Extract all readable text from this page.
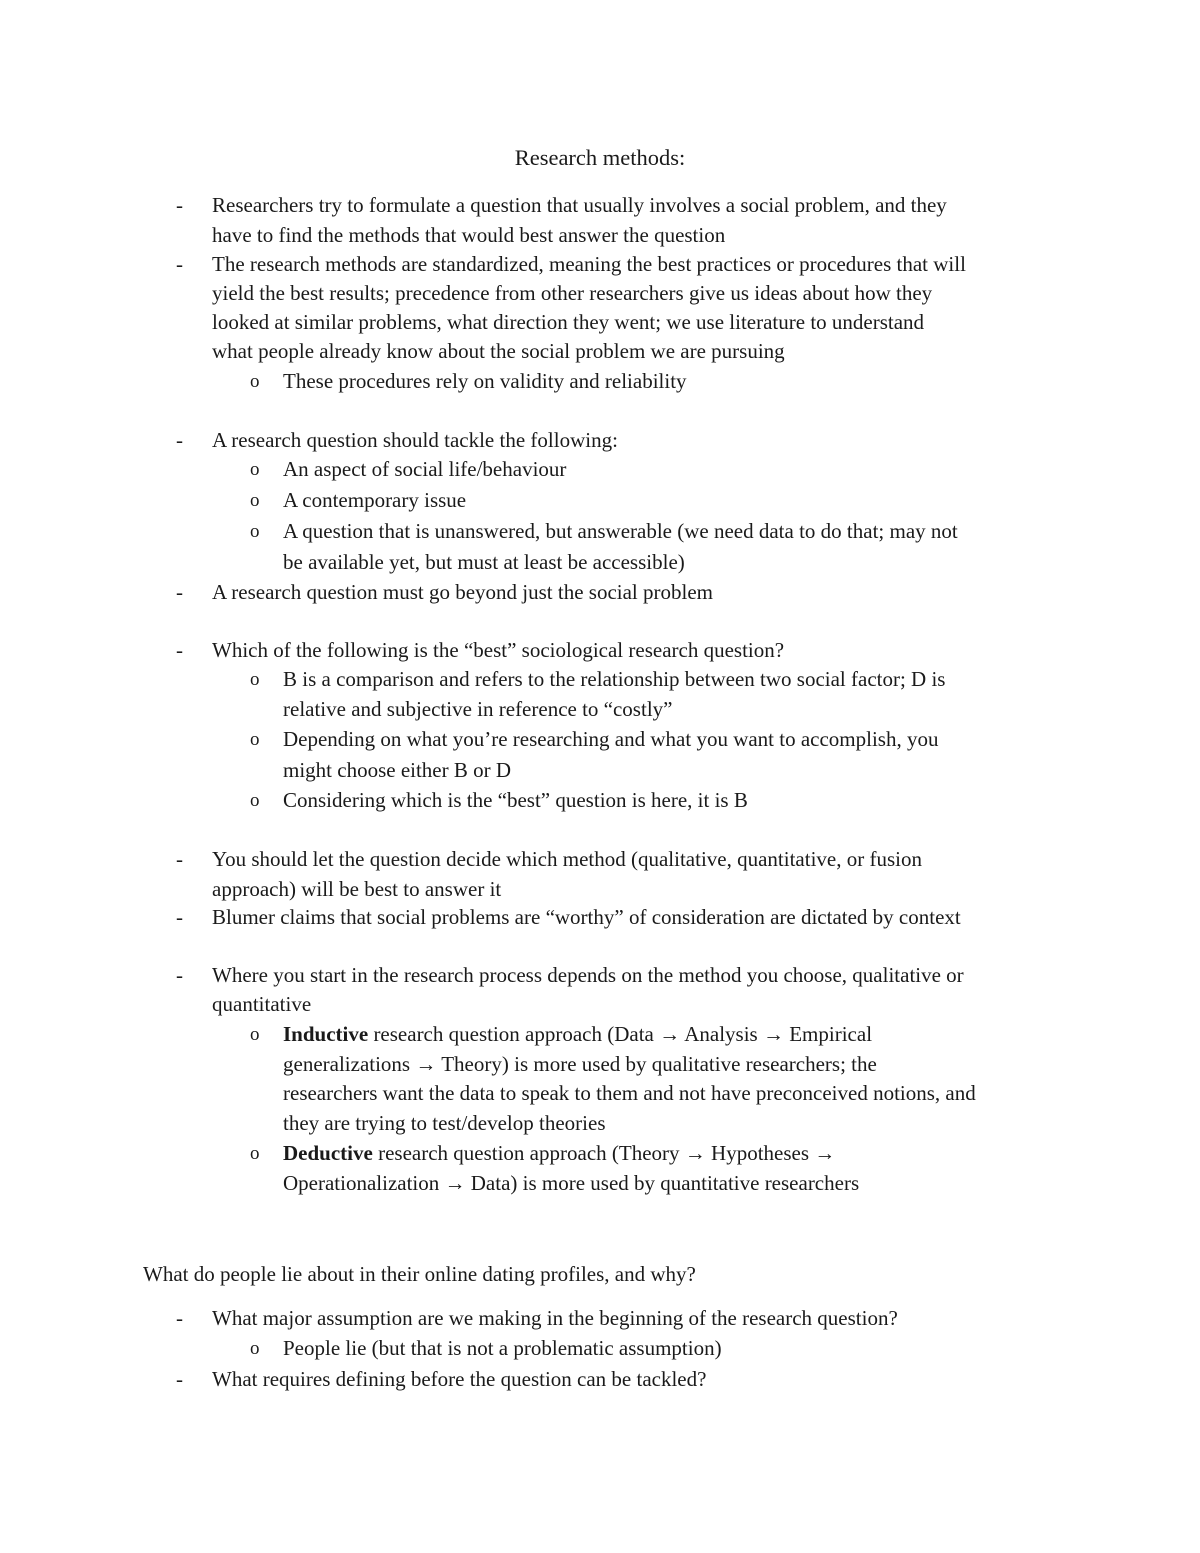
Research methods:
- Researchers try to formulate a question that usually involves a social problem, and they
have to find the methods that would best answer the question
- The research methods are standardized, meaning the best practices or procedures that will
yield the best results; precedence from other researchers give us ideas about how they
looked at similar problems, what direction they went; we use literature to understand
what people already know about the social problem we are pursuing
o These procedures rely on validity and reliability
- A research question should tackle the following:
o An aspect of social life/behaviour
o A contemporary issue
o A question that is unanswered, but answerable (we need data to do that; may not
be available yet, but must at least be accessible)
- A research question must go beyond just the social problem
- Which of the following is the “best” sociological research question?
o B is a comparison and refers to the relationship between two social factor; D is
relative and subjective in reference to “costly”
o Depending on what you’re researching and what you want to accomplish, you
might choose either B or D
o Considering which is the “best” question is here, it is B
- You should let the question decide which method (qualitative, quantitative, or fusion
approach) will be best to answer it
- Blumer claims that social problems are “worthy” of consideration are dictated by context
- Where you start in the research process depends on the method you choose, qualitative or
quantitative
o Inductive research question approach (Data → Analysis → Empirical
generalizations → Theory) is more used by qualitative researchers; the
researchers want the data to speak to them and not have preconceived notions, and
they are trying to test/develop theories
o Deductive research question approach (Theory → Hypotheses →
Operationalization → Data) is more used by quantitative researchers
What do people lie about in their online dating profiles, and why?
- What major assumption are we making in the beginning of the research question?
o People lie (but that is not a problematic assumption)
- What requires defining before the question can be tackled?
